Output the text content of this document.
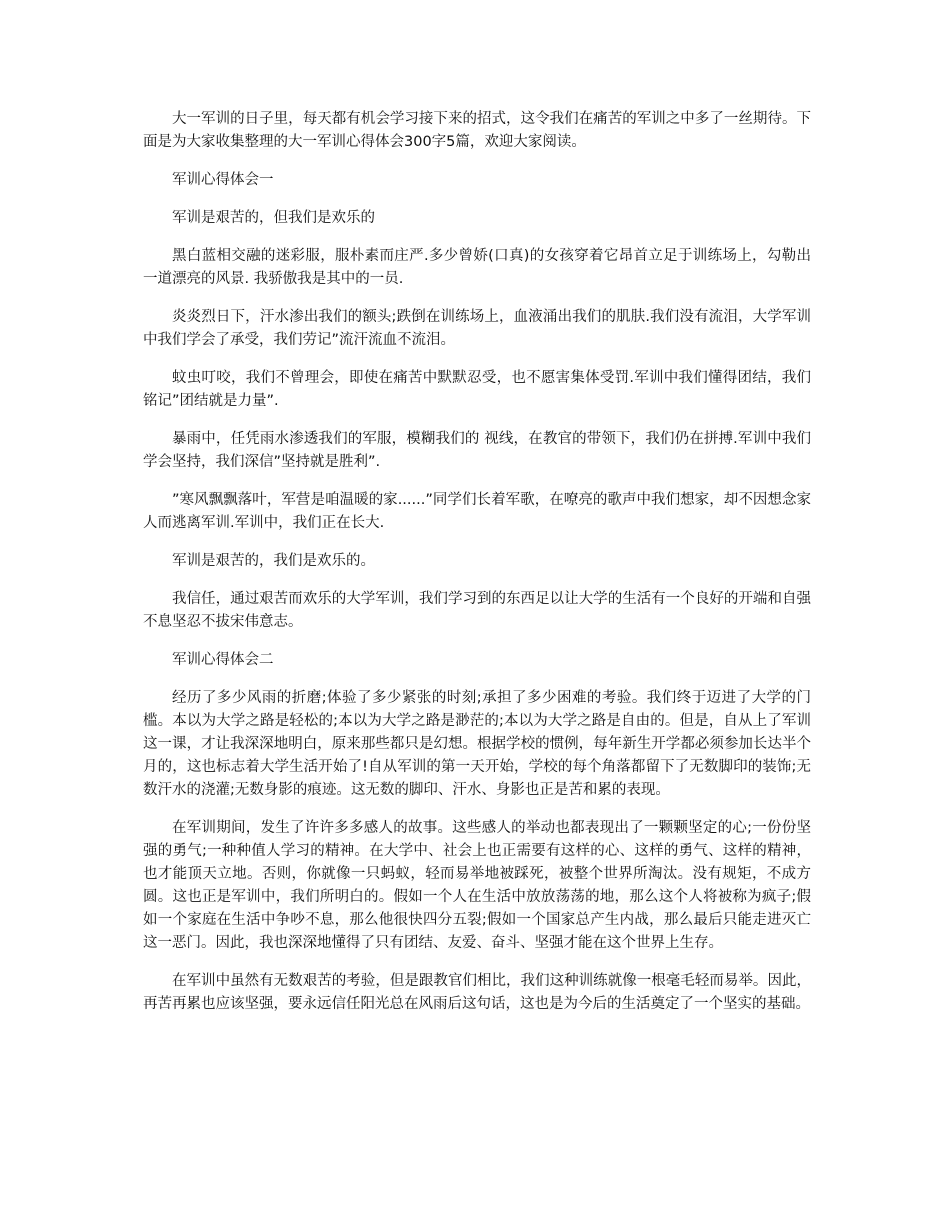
大一军训的日子里，每天都有机会学习接下来的招式，这令我们在痛苦的军训之中多了一丝期待。下面是为大家收集整理的大一军训心得体会300字5篇，欢迎大家阅读。

军训心得体会一

军训是艰苦的，但我们是欢乐的

黑白蓝相交融的迷彩服，服朴素而庄严.多少曾娇(口真)的女孩穿着它昂首立足于训练场上，勾勒出一道漂亮的风景. 我骄傲我是其中的一员.

炎炎烈日下，汗水渗出我们的额头;跌倒在训练场上，血液涌出我们的肌肤.我们没有流泪，大学军训中我们学会了承受，我们劳记”流汗流血不流泪。

蚊虫叮咬，我们不曾理会，即使在痛苦中默默忍受，也不愿害集体受罚.军训中我们懂得团结，我们铭记”团结就是力量”.

暴雨中，任凭雨水渗透我们的军服，模糊我们的 视线，在教官的带领下，我们仍在拼搏.军训中我们学会坚持，我们深信”坚持就是胜利”.

”寒风飘飘落叶，军营是咱温暖的家......”同学们长着军歌，在嘹亮的歌声中我们想家，却不因想念家人而逃离军训.军训中，我们正在长大.

军训是艰苦的，我们是欢乐的。

我信任，通过艰苦而欢乐的大学军训，我们学习到的东西足以让大学的生活有一个良好的开端和自强不息坚忍不拔宋伟意志。

军训心得体会二

经历了多少风雨的折磨;体验了多少紧张的时刻;承担了多少困难的考验。我们终于迈进了大学的门槛。本以为大学之路是轻松的;本以为大学之路是渺茫的;本以为大学之路是自由的。但是，自从上了军训这一课，才让我深深地明白，原来那些都只是幻想。根据学校的惯例，每年新生开学都必须参加长达半个月的，这也标志着大学生活开始了!自从军训的第一天开始，学校的每个角落都留下了无数脚印的装饰;无数汗水的浇灌;无数身影的痕迹。这无数的脚印、汗水、身影也正是苦和累的表现。

在军训期间，发生了许许多多感人的故事。这些感人的举动也都表现出了一颗颗坚定的心;一份份坚强的勇气;一种种值人学习的精神。在大学中、社会上也正需要有这样的心、这样的勇气、这样的精神，也才能顶天立地。否则，你就像一只蚂蚁，轻而易举地被踩死，被整个世界所淘汰。没有规矩，不成方圆。这也正是军训中，我们所明白的。假如一个人在生活中放放荡荡的地，那么这个人将被称为疯子;假如一个家庭在生活中争吵不息，那么他很快四分五裂;假如一个国家总产生内战，那么最后只能走进灭亡这一恶门。因此，我也深深地懂得了只有团结、友爱、奋斗、坚强才能在这个世界上生存。

在军训中虽然有无数艰苦的考验，但是跟教官们相比，我们这种训练就像一根毫毛轻而易举。因此，再苦再累也应该坚强，要永远信任阳光总在风雨后这句话，这也是为今后的生活奠定了一个坚实的基础。
